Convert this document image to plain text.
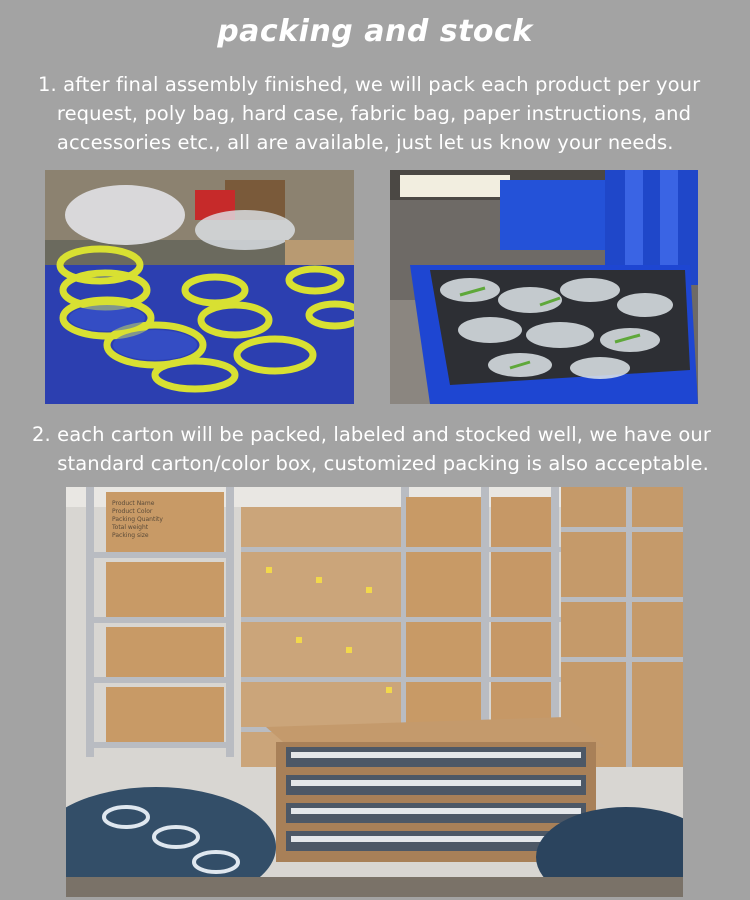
packing and stock
1. after final assembly finished, we will pack each product per your
request, poly bag, hard case, fabric bag, paper instructions, and
accessories etc., all are available, just let us know your needs.
2. each carton will be packed, labeled and stocked well, we have our
standard carton/color box, customized packing is also acceptable.
Product Name
Product Color
Packing Quantity
Total weight
Packing size
